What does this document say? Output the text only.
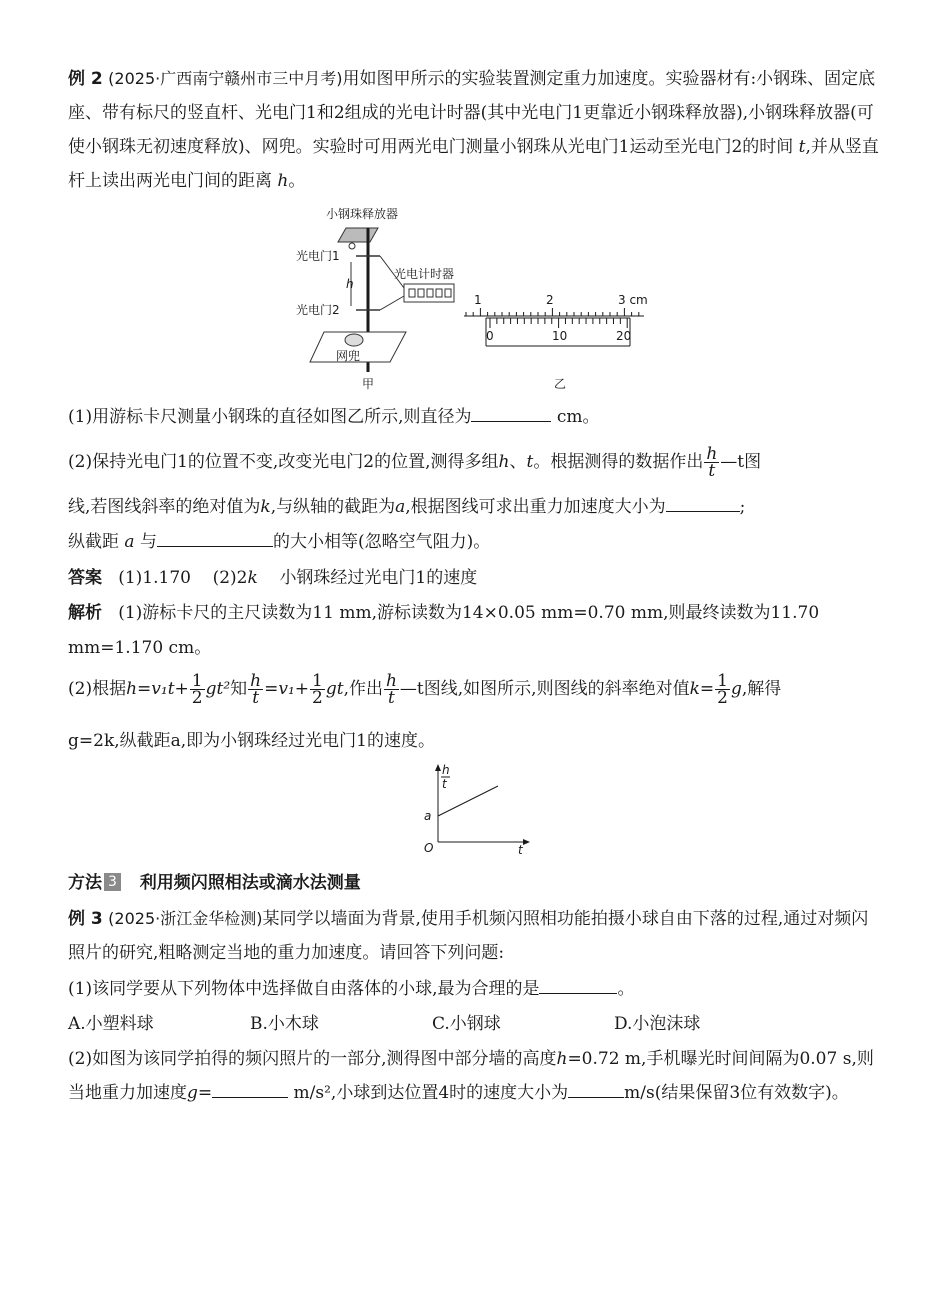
例 2 (2025·广西南宁赣州市三中月考)用如图甲所示的实验装置测定重力加速度。实验器材有:小钢珠、固定底座、带有标尺的竖直杆、光电门1和2组成的光电计时器(其中光电门1更靠近小钢珠释放器),小钢珠释放器(可使小钢珠无初速度释放)、网兜。实验时可用两光电门测量小钢珠从光电门1运动至光电门2的时间 t,并从竖直杆上读出两光电门间的距离 h。

小钢珠释放器
光电门1
h
光电门2
光电计时器
网兜
甲
1	2	3 cm
0	10	20
乙

(1)用游标卡尺测量小钢珠的直径如图乙所示,则直径为	cm。

(2)保持光电门1的位置不变,改变光电门2的位置,测得多组h、t。根据测得的数据作出 $\frac{h}{t}$ —t图

线,若图线斜率的绝对值为k,与纵轴的截距为a,根据图线可求出重力加速度大小为	;

纵截距 a 与	的大小相等(忽略空气阻力)。

答案 (1)1.170 (2)2k 小钢珠经过光电门1的速度

解析 (1)游标卡尺的主尺读数为11 mm,游标读数为14×0.05 mm=0.70 mm,则最终读数为11.70

mm=1.170 cm。

(2)根据$h=v_1t+ \frac{1}{2} gt^2$知 $\frac{h}{t} =v_1+ \frac{1}{2}$ gt,作出 $\frac{h}{t}$ —t图线,如图所示,则图线的斜率绝对值$k= \frac{1}{2} g$,解得

g=2k,纵截距a,即为小钢珠经过光电门1的速度。

h
t
a
O	t

方法 3 利用频闪照相法或滴水法测量

例 3 (2025·浙江金华检测)某同学以墙面为背景,使用手机频闪照相功能拍摄小球自由下落的过程,通过对频闪照片的研究,粗略测定当地的重力加速度。请回答下列问题:

(1)该同学要从下列物体中选择做自由落体的小球,最为合理的是	。

A.小塑料球	B.小木球	C.小钢球	D.小泡沫球

(2)如图为该同学拍得的频闪照片的一部分,测得图中部分墙的高度h=0.72 m,手机曝光时间间隔为0.07 s,则当地重力加速度g=	m/s²,小球到达位置4时的速度大小为	m/s(结果保留3位有效数字)。
